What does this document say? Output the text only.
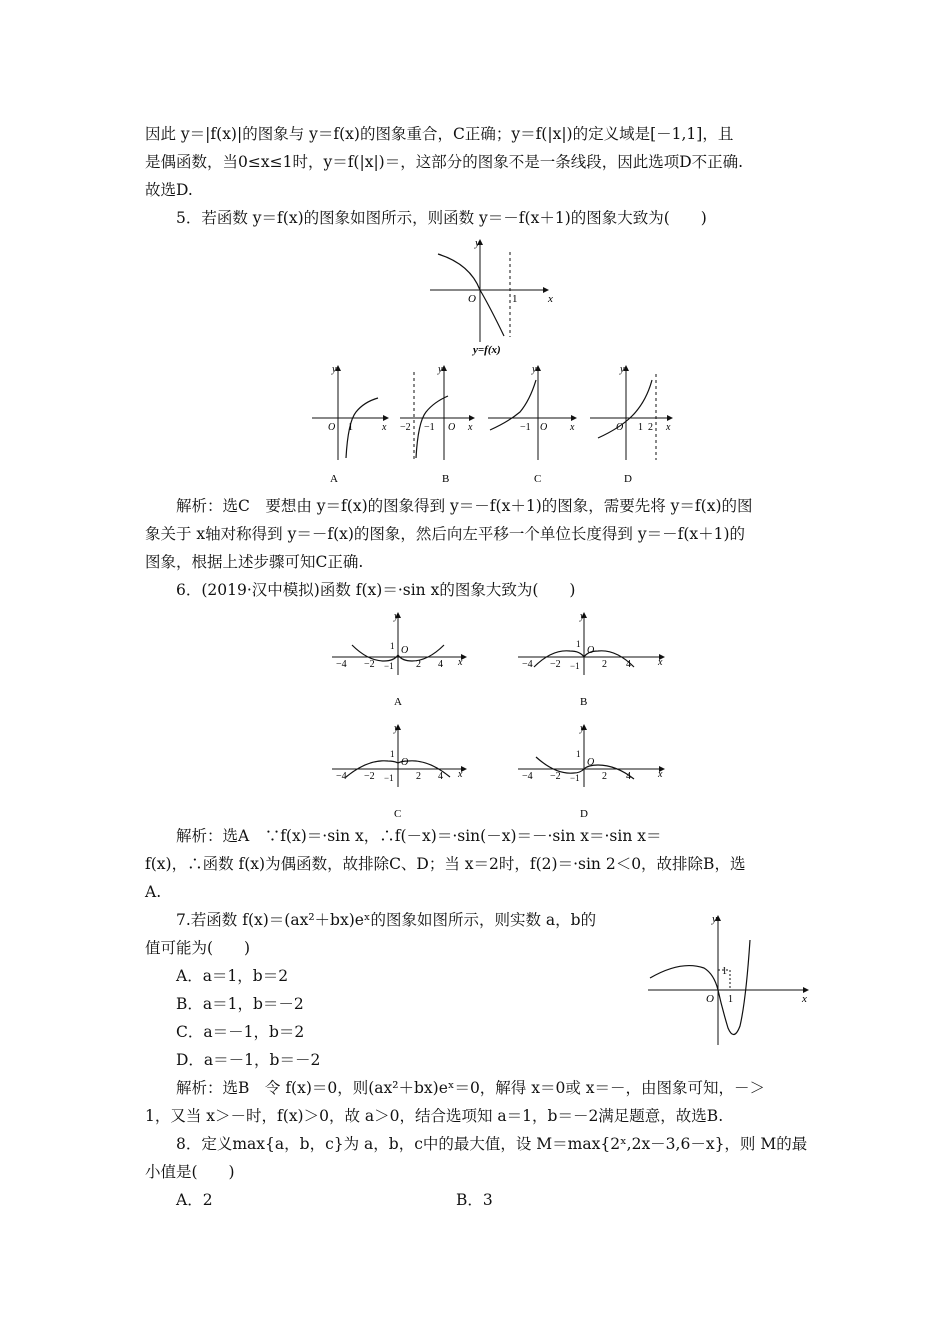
因此 y＝|f(x)|的图象与 y＝f(x)的图象重合，C正确；y＝f(|x|)的定义域是[－1,1]，且
是偶函数，当0≤x≤1时，y＝f(|x|)＝，这部分的图象不是一条线段，因此选项D不正确.
故选D.
5．若函数 y＝f(x)的图象如图所示，则函数 y＝－f(x＋1)的图象大致为(　　)
y
x
O	1
y=f(x)
y
x
O 1
A
y
x
O
−2 −1
B
y
x
O
−1
C
y
x
O 1 2
D
解析：选C　要想由 y＝f(x)的图象得到 y＝－f(x＋1)的图象，需要先将 y＝f(x)的图
象关于 x轴对称得到 y＝－f(x)的图象，然后向左平移一个单位长度得到 y＝－f(x＋1)的
图象，根据上述步骤可知C正确.
6．(2019·汉中模拟)函数 f(x)＝·sin x的图象大致为(　　)
y
x
O
1
−1
−4 −2	2 4
A
y
x
O
1
−1
−4 −2	2 4
B
y
x
O
1
−1
−4 −2	2 4
C
y
x
O
1
−1
−4 −2	2 4
D
解析：选A　∵f(x)＝·sin x，∴f(－x)＝·sin(－x)＝－·sin x＝·sin x＝
f(x)，∴函数 f(x)为偶函数，故排除C、D；当 x＝2时，f(2)＝·sin 2＜0，故排除B，选
A.
7.若函数 f(x)＝(ax²＋bx)eˣ的图象如图所示，则实数 a，b的
值可能为(　　)
A．a＝1，b＝2
B．a＝1，b＝－2
C．a＝－1，b＝2
D．a＝－1，b＝－2
y
x
O 1
1
解析：选B　令 f(x)＝0，则(ax²＋bx)eˣ＝0，解得 x＝0或 x＝－，由图象可知，－＞
1，又当 x＞－时，f(x)＞0，故 a＞0，结合选项知 a＝1，b＝－2满足题意，故选B.
8．定义max{a，b，c}为 a，b，c中的最大值，设 M＝max{2ˣ,2x－3,6－x}，则 M的最
小值是(　　)
A．2	B．3
